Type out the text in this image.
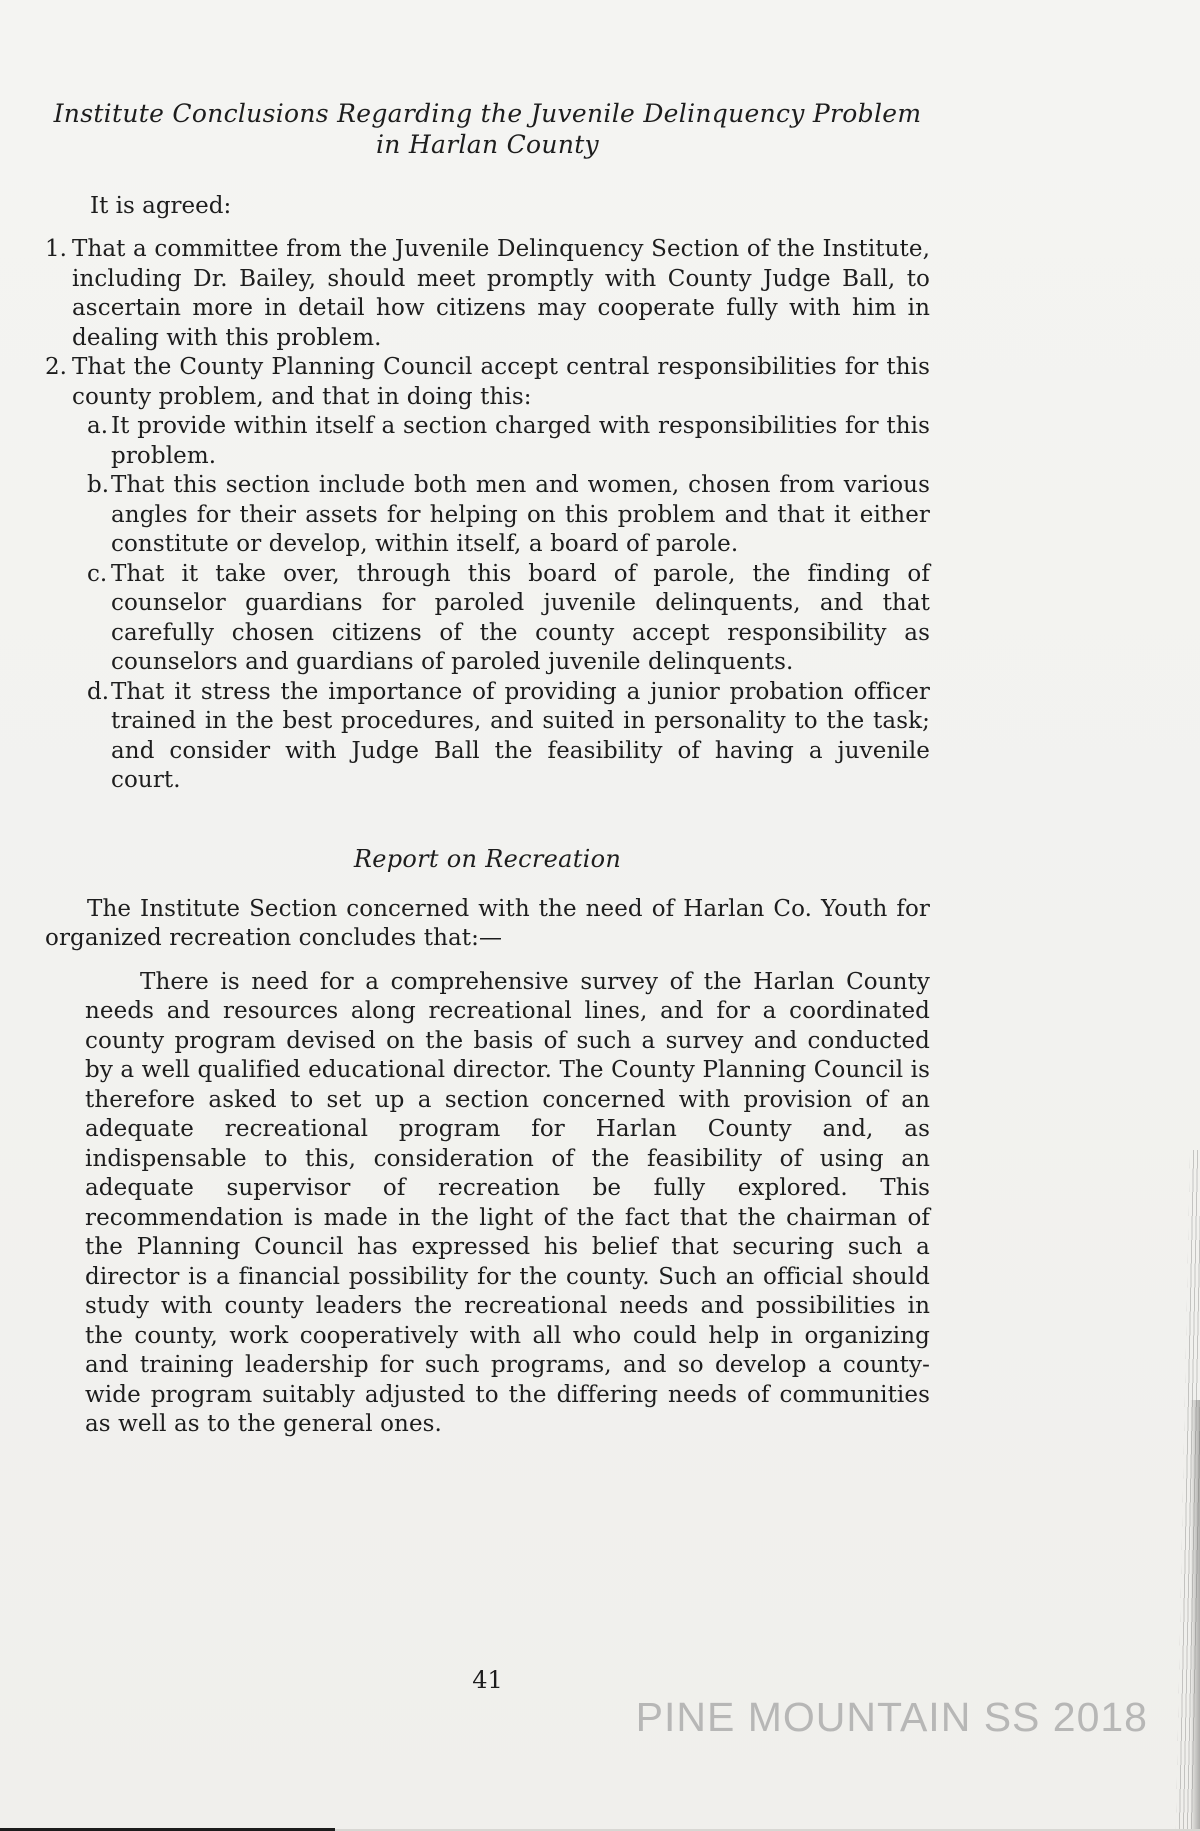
Institute Conclusions Regarding the Juvenile Delinquency Problem
in Harlan County
It is agreed:
1. That a committee from the Juvenile Delinquency Section of the Institute, including Dr. Bailey, should meet promptly with County Judge Ball, to ascertain more in detail how citizens may cooperate fully with him in dealing with this problem.
2. That the County Planning Council accept central responsibilities for this county problem, and that in doing this:
a. It provide within itself a section charged with responsibilities for this problem.
b. That this section include both men and women, chosen from various angles for their assets for helping on this problem and that it either constitute or develop, within itself, a board of parole.
c. That it take over, through this board of parole, the finding of counselor guardians for paroled juvenile delinquents, and that carefully chosen citizens of the county accept responsibility as counselors and guardians of paroled juvenile delinquents.
d. That it stress the importance of providing a junior probation officer trained in the best procedures, and suited in personality to the task; and consider with Judge Ball the feasibility of having a juvenile court.
Report on Recreation
The Institute Section concerned with the need of Harlan Co. Youth for organized recreation concludes that:—
There is need for a comprehensive survey of the Harlan County needs and resources along recreational lines, and for a coordinated county program devised on the basis of such a survey and conducted by a well qualified educational director. The County Planning Council is therefore asked to set up a section concerned with provision of an adequate recreational program for Harlan County and, as indispensable to this, consideration of the feasibility of using an adequate supervisor of recreation be fully explored. This recommendation is made in the light of the fact that the chairman of the Planning Council has expressed his belief that securing such a director is a financial possibility for the county. Such an official should study with county leaders the recreational needs and possibilities in the county, work cooperatively with all who could help in organizing and training leadership for such programs, and so develop a county-wide program suitably adjusted to the differing needs of communities as well as to the general ones.
41
PINE MOUNTAIN SS 2018
